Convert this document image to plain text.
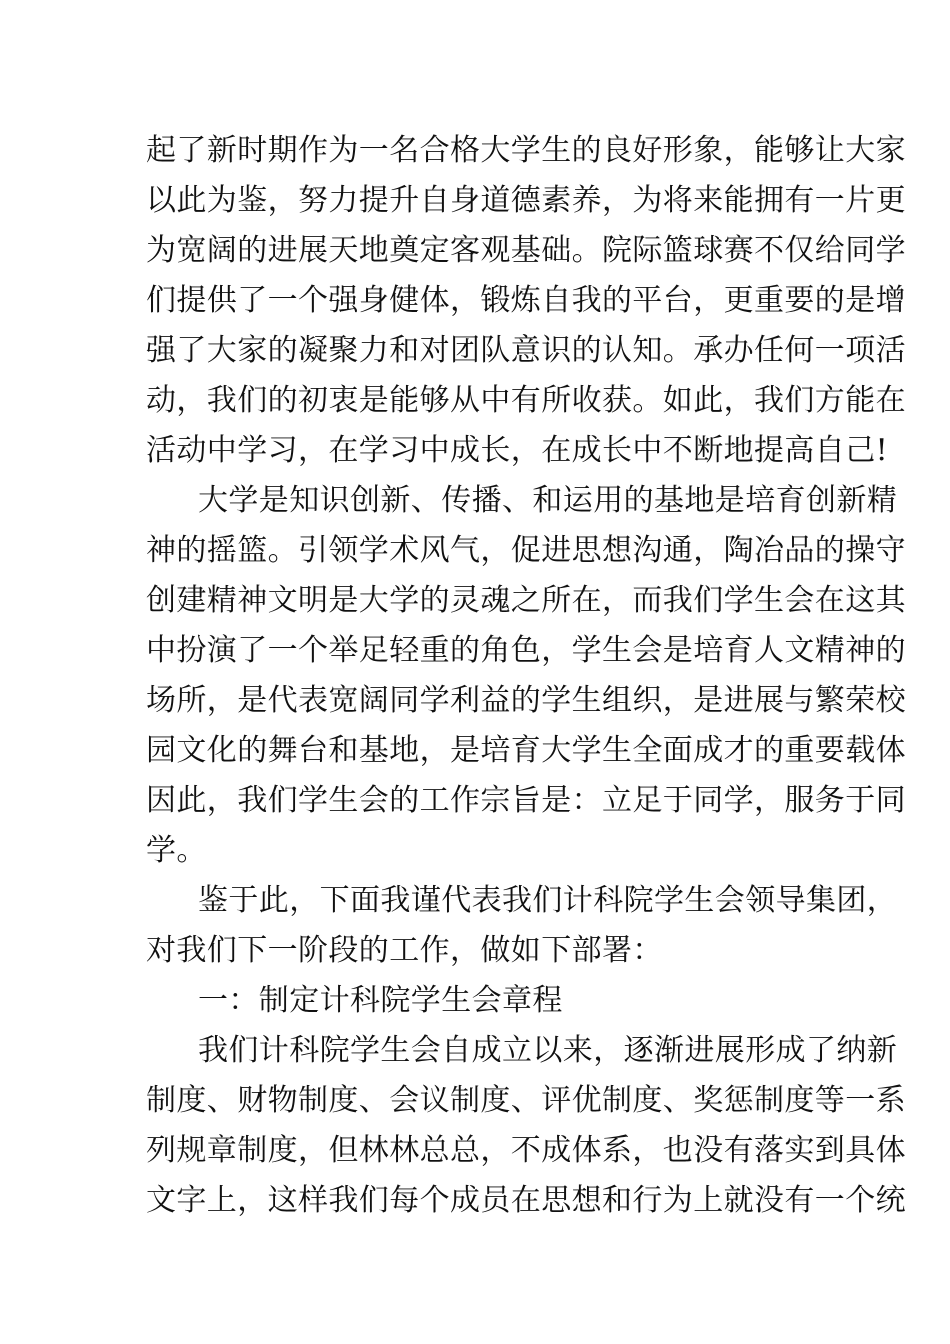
起了新时期作为一名合格大学生的良好形象，能够让大家
以此为鉴，努力提升自身道德素养，为将来能拥有一片更
为宽阔的进展天地奠定客观基础。院际篮球赛不仅给同学
们提供了一个强身健体，锻炼自我的平台，更重要的是增
强了大家的凝聚力和对团队意识的认知。承办任何一项活
动，我们的初衷是能够从中有所收获。如此，我们方能在
活动中学习，在学习中成长，在成长中不断地提高自己!
大学是知识创新、传播、和运用的基地是培育创新精
神的摇篮。引领学术风气，促进思想沟通，陶冶品的操守
创建精神文明是大学的灵魂之所在，而我们学生会在这其
中扮演了一个举足轻重的角色，学生会是培育人文精神的
场所，是代表宽阔同学利益的学生组织，是进展与繁荣校
园文化的舞台和基地，是培育大学生全面成才的重要载体
因此，我们学生会的工作宗旨是：立足于同学，服务于同
学。
鉴于此，下面我谨代表我们计科院学生会领导集团，
对我们下一阶段的工作，做如下部署：
一：制定计科院学生会章程
我们计科院学生会自成立以来，逐渐进展形成了纳新
制度、财物制度、会议制度、评优制度、奖惩制度等一系
列规章制度，但林林总总，不成体系，也没有落实到具体
文字上，这样我们每个成员在思想和行为上就没有一个统
